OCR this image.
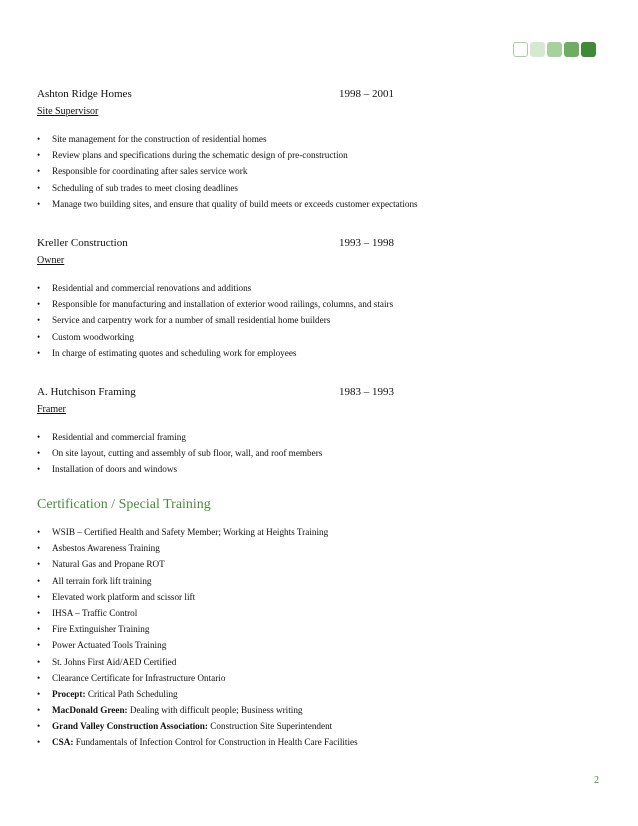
Ashton Ridge Homes	1998 – 2001
Site Supervisor
• Site management for the construction of residential homes
• Review plans and specifications during the schematic design of pre-construction
• Responsible for coordinating after sales service work
• Scheduling of sub trades to meet closing deadlines
• Manage two building sites, and ensure that quality of build meets or exceeds customer expectations
Kreller Construction	1993 – 1998
Owner
• Residential and commercial renovations and additions
• Responsible for manufacturing and installation of exterior wood railings, columns, and stairs
• Service and carpentry work for a number of small residential home builders
• Custom woodworking
• In charge of estimating quotes and scheduling work for employees
A. Hutchison Framing	1983 – 1993
Framer
• Residential and commercial framing
• On site layout, cutting and assembly of sub floor, wall, and roof members
• Installation of doors and windows
Certification / Special Training
• WSIB – Certified Health and Safety Member; Working at Heights Training
• Asbestos Awareness Training
• Natural Gas and Propane ROT
• All terrain fork lift training
• Elevated work platform and scissor lift
• IHSA – Traffic Control
• Fire Extinguisher Training
• Power Actuated Tools Training
• St. Johns First Aid/AED Certified
• Clearance Certificate for Infrastructure Ontario
• Procept: Critical Path Scheduling
• MacDonald Green: Dealing with difficult people; Business writing
• Grand Valley Construction Association: Construction Site Superintendent
• CSA: Fundamentals of Infection Control for Construction in Health Care Facilities
2
